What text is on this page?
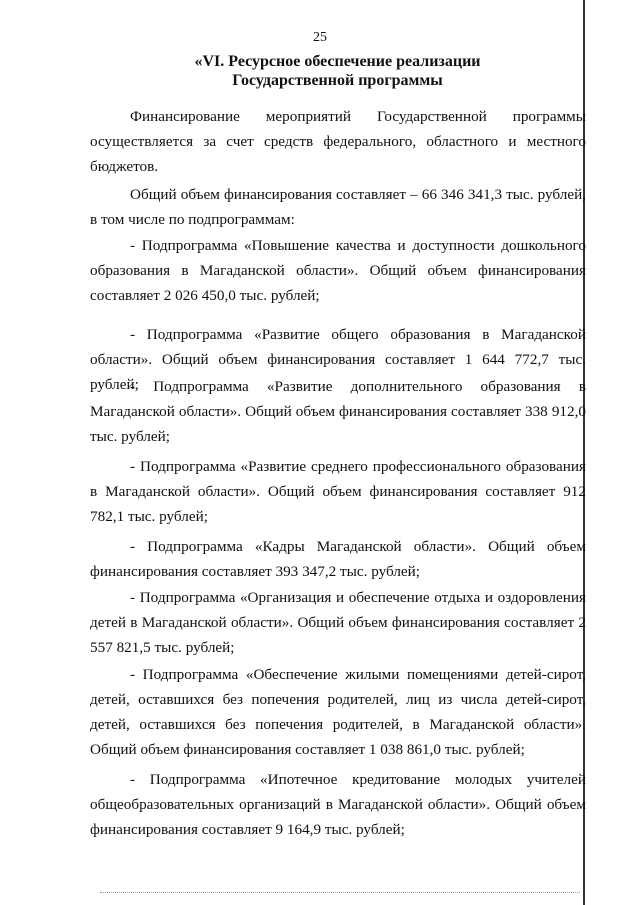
25
«VI. Ресурсное обеспечение реализации
Государственной программы

Финансирование мероприятий Государственной программы осуществляется за счет средств федерального, областного и местного бюджетов.

Общий объем финансирования составляет – 66 346 341,3 тыс. рублей, в том числе по подпрограммам:

- Подпрограмма «Повышение качества и доступности дошкольного образования в Магаданской области». Общий объем финансирования составляет 2 026 450,0 тыс. рублей;

- Подпрограмма «Развитие общего образования в Магаданской области». Общий объем финансирования составляет 1 644 772,7 тыс. рублей;

- Подпрограмма «Развитие дополнительного образования в Магаданской области». Общий объем финансирования составляет 338 912,0 тыс. рублей;

- Подпрограмма «Развитие среднего профессионального образования в Магаданской области». Общий объем финансирования составляет 912 782,1 тыс. рублей;

- Подпрограмма «Кадры Магаданской области». Общий объем финансирования составляет 393 347,2 тыс. рублей;

- Подпрограмма «Организация и обеспечение отдыха и оздоровления детей в Магаданской области». Общий объем финансирования составляет 2 557 821,5 тыс. рублей;

- Подпрограмма «Обеспечение жилыми помещениями детей-сирот, детей, оставшихся без попечения родителей, лиц из числа детей-сирот, детей, оставшихся без попечения родителей, в Магаданской области». Общий объем финансирования составляет 1 038 861,0 тыс. рублей;

- Подпрограмма «Ипотечное кредитование молодых учителей общеобразовательных организаций в Магаданской области». Общий объем финансирования составляет 9 164,9 тыс. рублей;
